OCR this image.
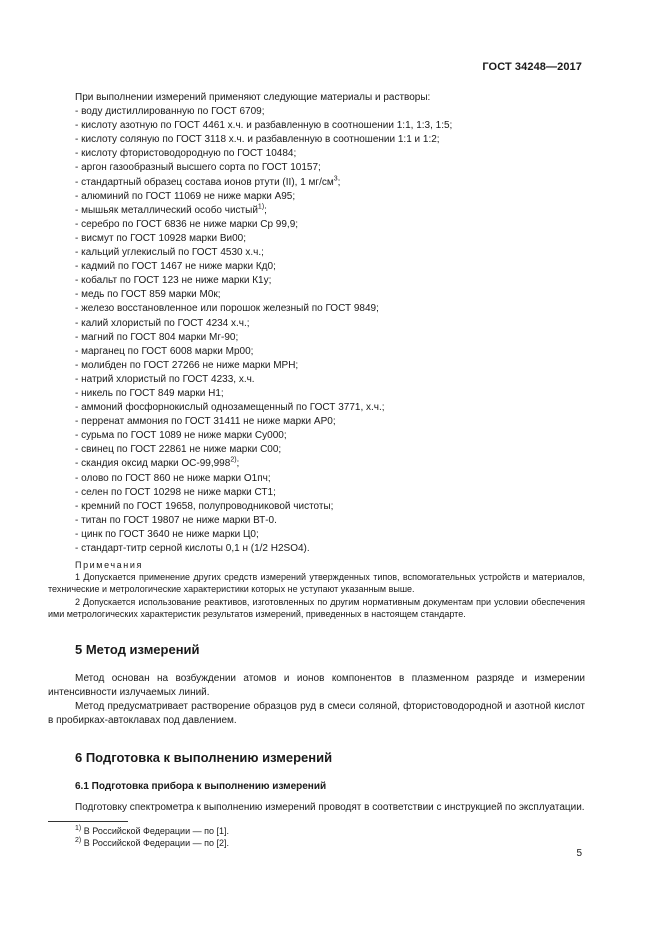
ГОСТ 34248—2017

При выполнении измерений применяют следующие материалы и растворы:

- воду дистиллированную по ГОСТ 6709;

- кислоту азотную по ГОСТ 4461 х.ч. и разбавленную в соотношении 1:1, 1:3, 1:5;

- кислоту соляную по ГОСТ 3118 х.ч. и разбавленную в соотношении 1:1 и 1:2;

- кислоту фтористоводородную по ГОСТ 10484;

- аргон газообразный высшего сорта по ГОСТ 10157;

- стандартный образец состава ионов ртути (II), 1 $мг/см^3$;

- алюминий по ГОСТ 11069 не ниже марки А95;

- мышьяк металлический особо чистый$^{1)}$;

- серебро по ГОСТ 6836 не ниже марки Ср 99,9;

- висмут по ГОСТ 10928 марки Ви00;

- кальций углекислый по ГОСТ 4530 х.ч.;

- кадмий по ГОСТ 1467 не ниже марки Кд0;

- кобальт по ГОСТ 123 не ниже марки К1у;

- медь по ГОСТ 859 марки М0к;

- железо восстановленное или порошок железный по ГОСТ 9849;

- калий хлористый по ГОСТ 4234 х.ч.;

- магний по ГОСТ 804 марки Мг-90;

- марганец по ГОСТ 6008 марки Мр00;

- молибден по ГОСТ 27266 не ниже марки МРН;

- натрий хлористый по ГОСТ 4233, х.ч.

- никель по ГОСТ 849 марки Н1;

- аммоний фосфорнокислый однозамещенный по ГОСТ 3771, х.ч.;

- перренат аммония по ГОСТ 31411 не ниже марки АР0;

- сурьма по ГОСТ 1089 не ниже марки Су000;

- свинец по ГОСТ 22861 не ниже марки С00;

- скандия оксид марки ОС-99,998$^{2)}$;

- олово по ГОСТ 860 не ниже марки О1пч;

- селен по ГОСТ 10298 не ниже марки СТ1;

- кремний по ГОСТ 19658, полупроводниковой чистоты;

- титан по ГОСТ 19807 не ниже марки ВТ-0.

- цинк по ГОСТ 3640 не ниже марки Ц0;

- стандарт-титр серной кислоты 0,1 н (1/2 H2SO4).

Примечания

1 Допускается применение других средств измерений утвержденных типов, вспомогательных устройств и материалов, технические и метрологические характеристики которых не уступают указанным выше.

2 Допускается использование реактивов, изготовленных по другим нормативным документам при условии обеспечения ими метрологических характеристик результатов измерений, приведенных в настоящем стандарте.

5 Метод измерений

Метод основан на возбуждении атомов и ионов компонентов в плазменном разряде и измерении интенсивности излучаемых линий.

Метод предусматривает растворение образцов руд в смеси соляной, фтористоводородной и азотной кислот в пробирках-автоклавах под давлением.

6 Подготовка к выполнению измерений
6.1 Подготовка прибора к выполнению измерений

Подготовку спектрометра к выполнению измерений проводят в соответствии с инструкцией по эксплуатации.

$^{1)}$ В Российской Федерации — по [1].

$^{2)}$ В Российской Федерации — по [2].

5
